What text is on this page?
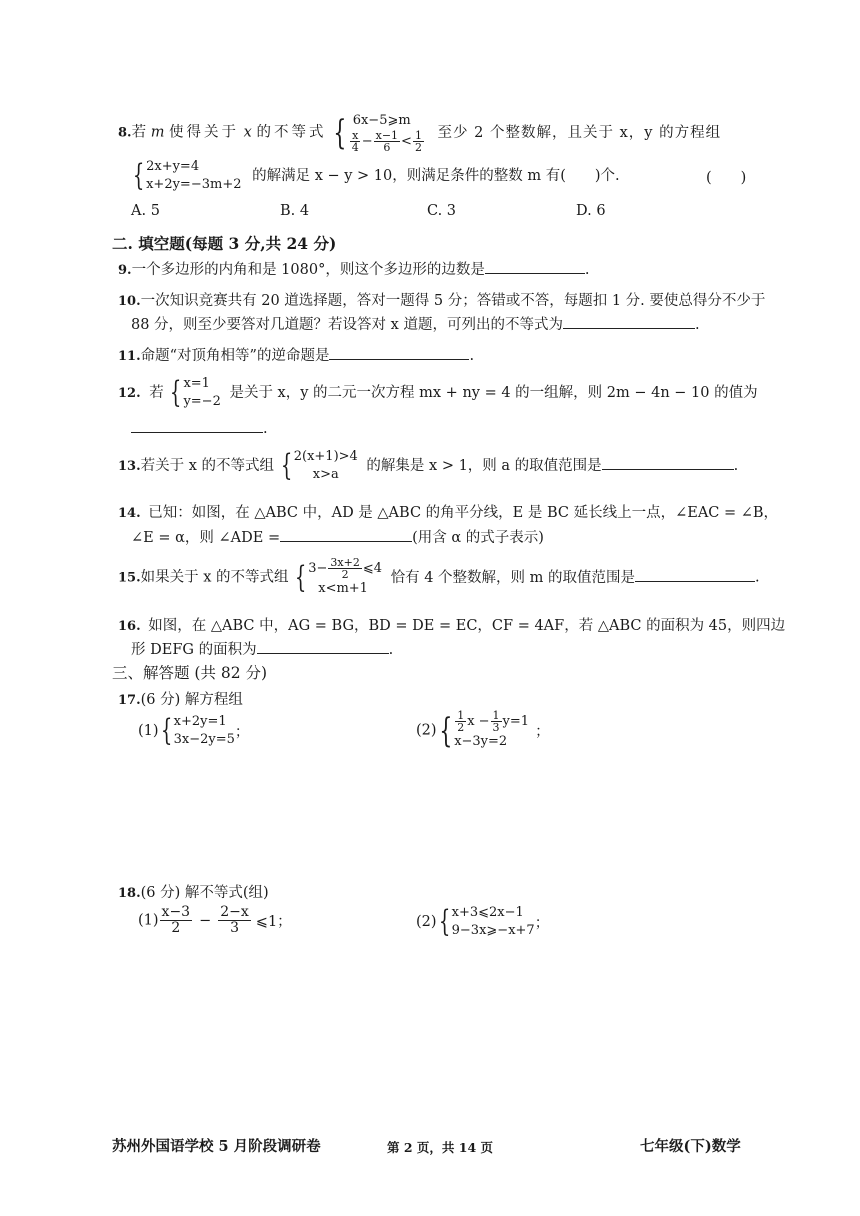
8.若 m 使得关于 x 的不等式 { 6x−5⩾m
$\frac{x}{4} - \frac{x-1}{6} < \frac{1}{2}$ 至少 2 个整数解，且关于 x，y 的方程组
{ 2x+y=4
x+2y=−3m+2
的解满足 x − y > 10，则满足条件的整数 m 有(　　)个.	(　　)
A. 5	B. 4	C. 3	D. 6
二. 填空题(每题 3 分,共 24 分)
9.一个多边形的内角和是 1080°，则这个多边形的边数是	.
10.一次知识竞赛共有 20 道选择题，答对一题得 5 分；答错或不答，每题扣 1 分. 要使总得分不少于
88 分，则至少要答对几道题？若设答对 x 道题，可列出的不等式为	.
11.命题“对顶角相等”的逆命题是	.
12. 若 { x=1
y=−2
是关于 x，y 的二元一次方程 mx + ny = 4 的一组解，则 2m − 4n − 10 的值为
.
13.若关于 x 的不等式组 { 2(x+1)>4
x>a
的解集是 x > 1，则 a 的取值范围是	.
14. 已知：如图，在 △ABC 中，AD 是 △ABC 的角平分线，E 是 BC 延长线上一点，∠EAC = ∠B，
∠E = α，则 ∠ADE =	(用含 α 的式子表示)
15.如果关于 x 的不等式组 { $3- \frac{3x+2}{2}$ ⩽4
x<m+1
恰有 4 个整数解，则 m 的取值范围是	.
16. 如图，在 △ABC 中，AG = BG，BD = DE = EC，CF = 4AF，若 △ABC 的面积为 45，则四边
形 DEFG 的面积为	.
三、解答题 (共 82 分)
17.(6 分) 解方程组
(1){ x+2y=1
3x−2y=5 ；	$(2)\{ \frac{1}{2}$ $x - \frac{1}{3} y=1$
x−3y=2
；
18.(6 分) 解不等式(组)
$(1) \frac{x-3}{2} - \frac{2-x}{3}$ ⩽1；	(2){ x+3⩽2x−1
9−3x⩾−x+7 ；
苏州外国语学校 5 月阶段调研卷	第 2 页，共 14 页	七年级(下)数学
